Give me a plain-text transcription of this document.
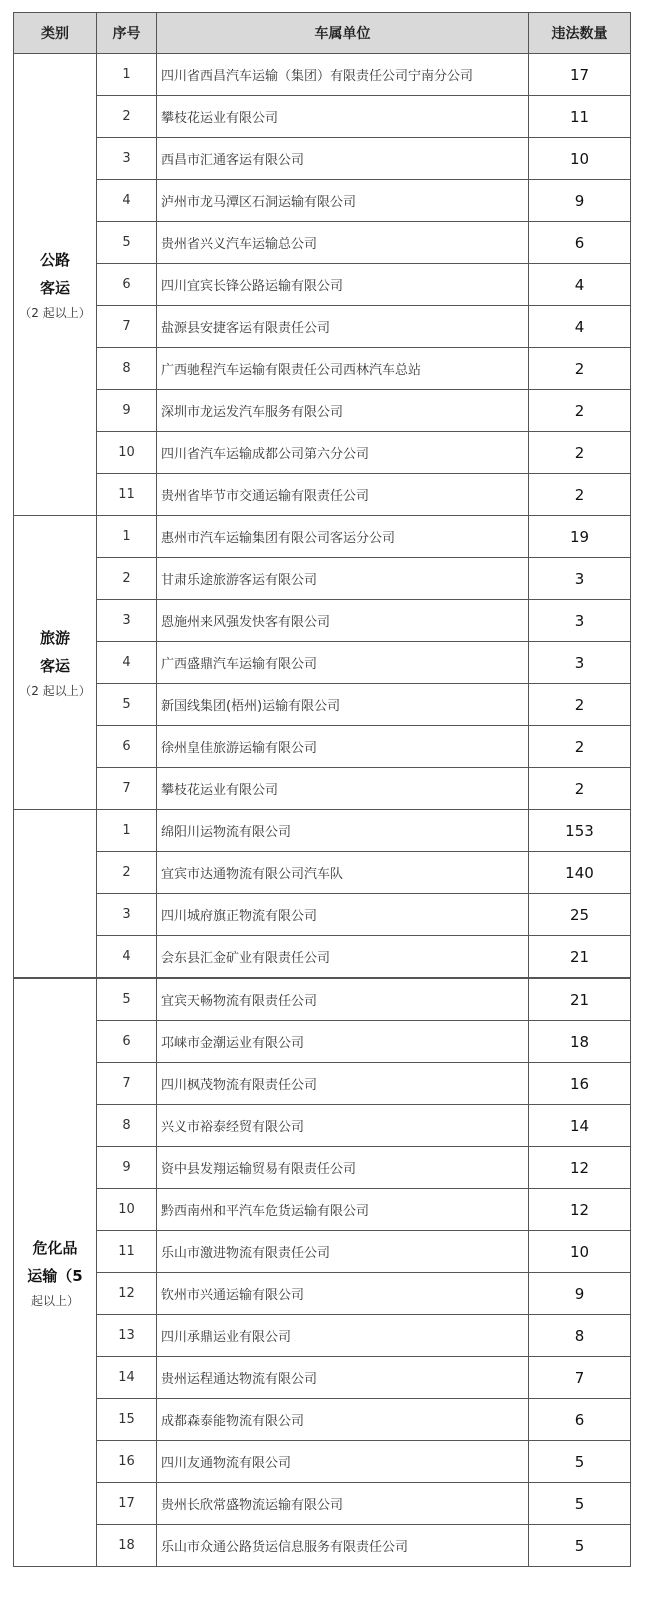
类别	序号	车属单位	违法数量

公路
客运
（2 起以上）	1	四川省西昌汽车运输（集团）有限责任公司宁南分公司	17
	2	攀枝花运业有限公司	11
	3	西昌市汇通客运有限公司	10
	4	泸州市龙马潭区石洞运输有限公司	9
	5	贵州省兴义汽车运输总公司	6
	6	四川宜宾长锋公路运输有限公司	4
	7	盐源县安捷客运有限责任公司	4
	8	广西驰程汽车运输有限责任公司西林汽车总站	2
	9	深圳市龙运发汽车服务有限公司	2
	10	四川省汽车运输成都公司第六分公司	2
	11	贵州省毕节市交通运输有限责任公司	2

旅游
客运
（2 起以上）	1	惠州市汽车运输集团有限公司客运分公司	19
	2	甘肃乐途旅游客运有限公司	3
	3	恩施州来风强发快客有限公司	3
	4	广西盛鼎汽车运输有限公司	3
	5	新国线集团(梧州)运输有限公司	2
	6	徐州皇佳旅游运输有限公司	2
	7	攀枝花运业有限公司	2
	1	绵阳川运物流有限公司	153
	2	宜宾市达通物流有限公司汽车队	140
	3	四川城府旗正物流有限公司	25
	4	会东县汇金矿业有限责任公司	21
危化品
运输（5
起以上）	5	宜宾天畅物流有限责任公司	21
	6	邛崃市金潮运业有限公司	18
	7	四川枫茂物流有限责任公司	16
	8	兴义市裕泰经贸有限公司	14
	9	资中县发翔运输贸易有限责任公司	12
	10	黔西南州和平汽车危货运输有限公司	12
	11	乐山市激进物流有限责任公司	10
	12	钦州市兴通运输有限公司	9
	13	四川承鼎运业有限公司	8
	14	贵州运程通达物流有限公司	7
	15	成都森泰能物流有限公司	6
	16	四川友通物流有限公司	5
	17	贵州长欣常盛物流运输有限公司	5
	18	乐山市众通公路货运信息服务有限责任公司	5
